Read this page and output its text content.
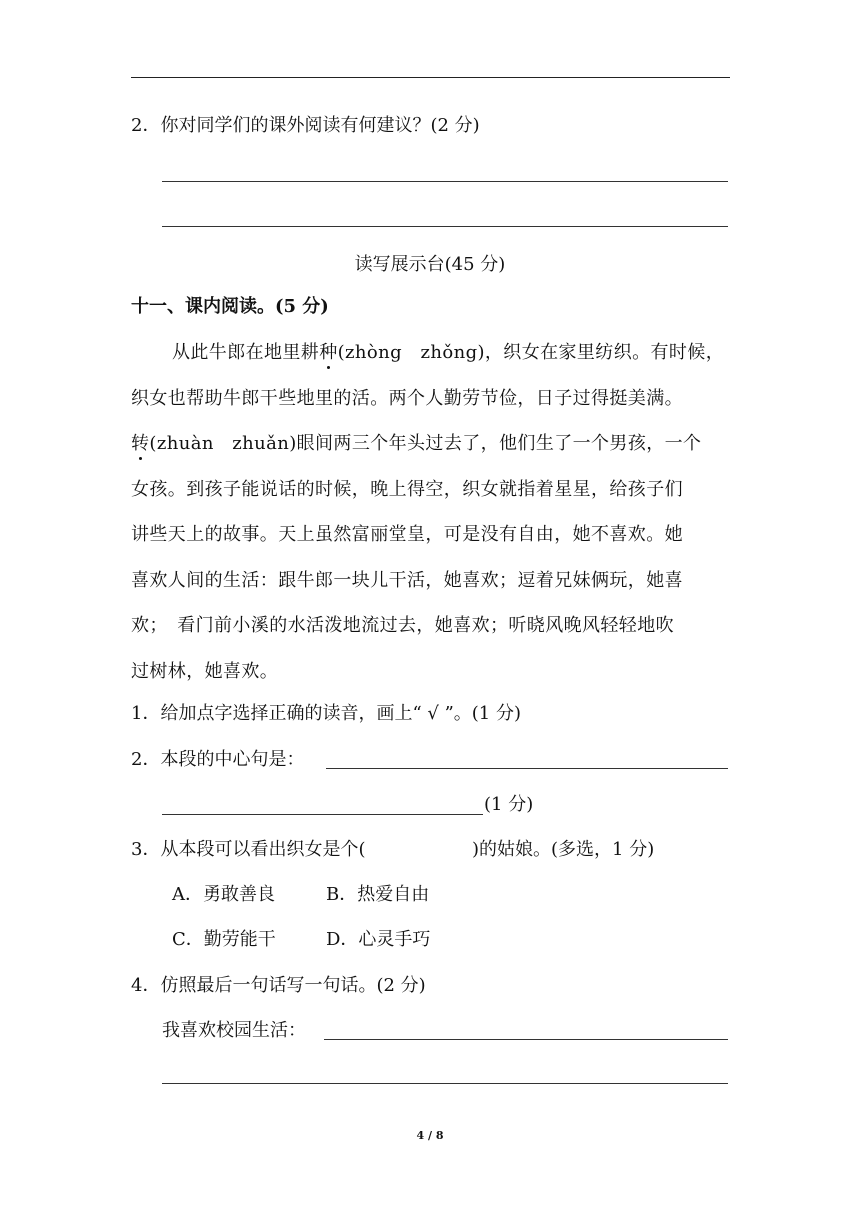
2．你对同学们的课外阅读有何建议？(2 分)
读写展示台(45 分)
十一、课内阅读。(5 分)
从此牛郎在地里耕种(zhòng　zhǒng)，织女在家里纺织。有时候，
织女也帮助牛郎干些地里的活。两个人勤劳节俭，日子过得挺美满。
转(zhuàn　zhuǎn)眼间两三个年头过去了，他们生了一个男孩，一个
女孩。到孩子能说话的时候，晚上得空，织女就指着星星，给孩子们
讲些天上的故事。天上虽然富丽堂皇，可是没有自由，她不喜欢。她
喜欢人间的生活：跟牛郎一块儿干活，她喜欢；逗着兄妹俩玩，她喜
欢；　看门前小溪的水活泼地流过去，她喜欢；听晓风晚风轻轻地吹
过树林，她喜欢。
1．给加点字选择正确的读音，画上“ √ ”。(1 分)
2．本段的中心句是：
(1 分)
3．从本段可以看出织女是个(	)的姑娘。(多选，1 分)
A．勇敢善良	B．热爱自由
C．勤劳能干	D．心灵手巧
4．仿照最后一句话写一句话。(2 分)
我喜欢校园生活：
4 / 8
